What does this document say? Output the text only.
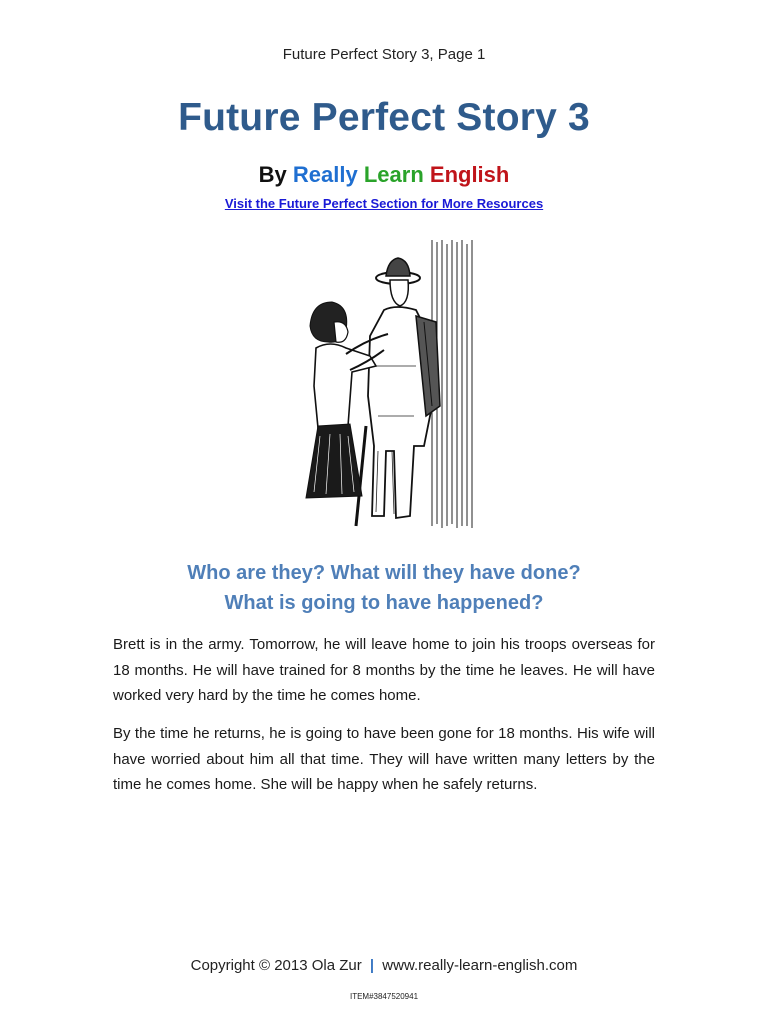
Future Perfect Story 3, Page 1
Future Perfect Story 3
By Really Learn English
Visit the Future Perfect Section for More Resources
Who are they? What will they have done?
What is going to have happened?

Brett is in the army. Tomorrow, he will leave home to join his troops overseas for 18 months. He will have trained for 8 months by the time he leaves. He will have worked very hard by the time he comes home.

By the time he returns, he is going to have been gone for 18 months. His wife will have worried about him all that time. They will have written many letters by the time he comes home. She will be happy when he safely returns.

Copyright © 2013 Ola Zur | www.really-learn-english.com
ITEM#3847520941
